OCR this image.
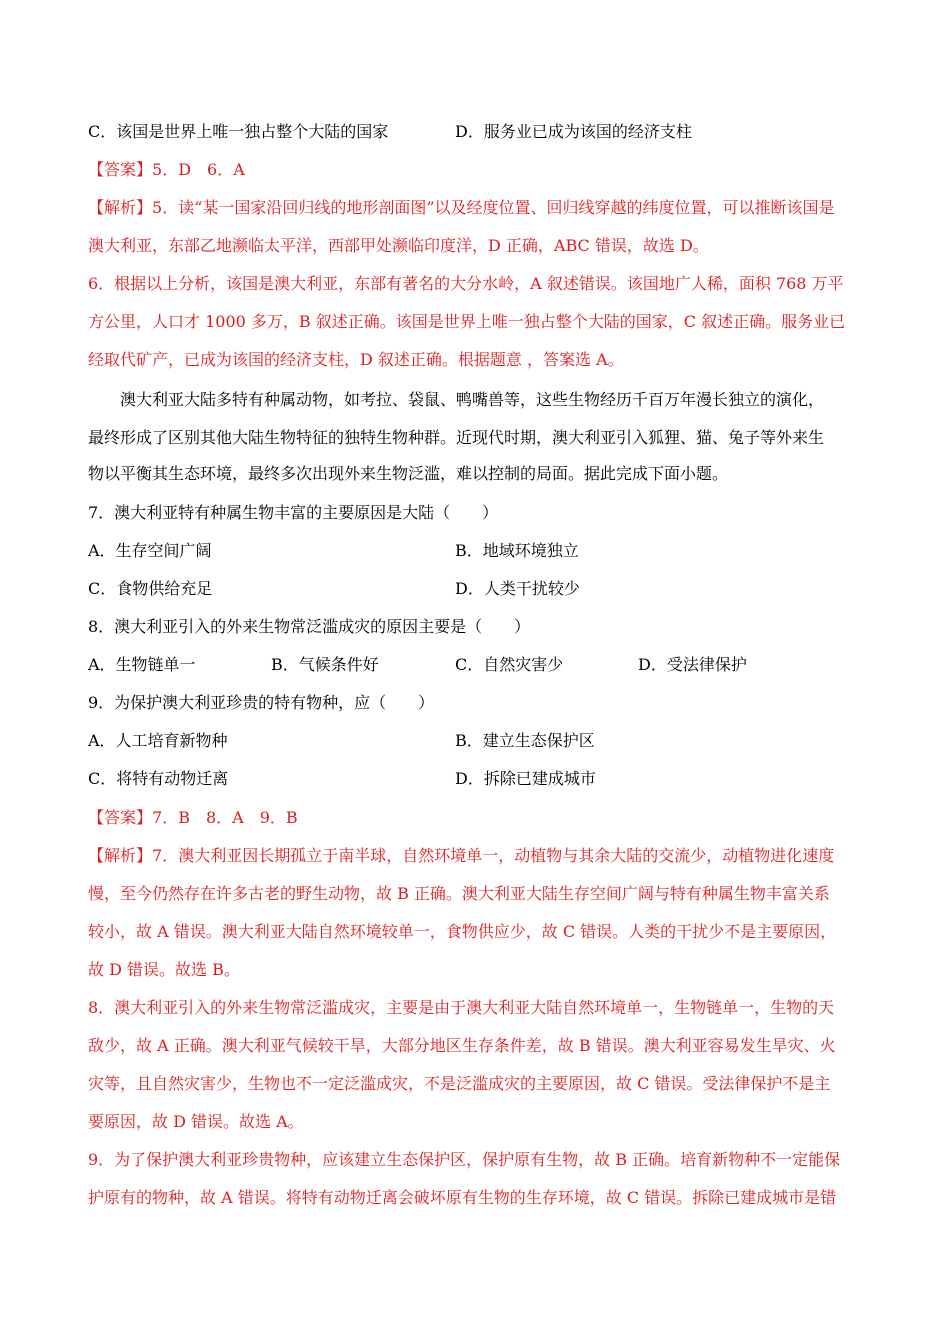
C．该国是世界上唯一独占整个大陆的国家	D．服务业已成为该国的经济支柱
【答案】5．D　6．A
【解析】5．读“某一国家沿回归线的地形剖面图”以及经度位置、回归线穿越的纬度位置，可以推断该国是
澳大利亚，东部乙地濒临太平洋，西部甲处濒临印度洋，D 正确，ABC 错误，故选 D。
6．根据以上分析，该国是澳大利亚，东部有著名的大分水岭，A 叙述错误。该国地广人稀，面积 768 万平
方公里，人口才 1000 多万，B 叙述正确。该国是世界上唯一独占整个大陆的国家，C 叙述正确。服务业已
经取代矿产，已成为该国的经济支柱，D 叙述正确。根据题意 ，答案选 A。
澳大利亚大陆多特有种属动物，如考拉、袋鼠、鸭嘴兽等，这些生物经历千百万年漫长独立的演化，
最终形成了区别其他大陆生物特征的独特生物种群。近现代时期，澳大利亚引入狐狸、猫、兔子等外来生
物以平衡其生态环境，最终多次出现外来生物泛滥，难以控制的局面。据此完成下面小题。
7．澳大利亚特有种属生物丰富的主要原因是大陆（　　）
A．生存空间广阔	B．地域环境独立
C．食物供给充足	D．人类干扰较少
8．澳大利亚引入的外来生物常泛滥成灾的原因主要是（　　）
A．生物链单一	B．气候条件好	C．自然灾害少	D．受法律保护
9．为保护澳大利亚珍贵的特有物种，应（　　）
A．人工培育新物种	B．建立生态保护区
C．将特有动物迁离	D．拆除已建成城市
【答案】7．B　8．A　9．B
【解析】7．澳大利亚因长期孤立于南半球，自然环境单一，动植物与其余大陆的交流少，动植物进化速度
慢，至今仍然存在许多古老的野生动物，故 B 正确。澳大利亚大陆生存空间广阔与特有种属生物丰富关系
较小，故 A 错误。澳大利亚大陆自然环境较单一，食物供应少，故 C 错误。人类的干扰少不是主要原因，
故 D 错误。故选 B。
8．澳大利亚引入的外来生物常泛滥成灾，主要是由于澳大利亚大陆自然环境单一，生物链单一，生物的天
敌少，故 A 正确。澳大利亚气候较干旱，大部分地区生存条件差，故 B 错误。澳大利亚容易发生旱灾、火
灾等，且自然灾害少，生物也不一定泛滥成灾，不是泛滥成灾的主要原因，故 C 错误。受法律保护不是主
要原因，故 D 错误。故选 A。
9．为了保护澳大利亚珍贵物种，应该建立生态保护区，保护原有生物，故 B 正确。培育新物种不一定能保
护原有的物种，故 A 错误。将特有动物迁离会破坏原有生物的生存环境，故 C 错误。拆除已建成城市是错
